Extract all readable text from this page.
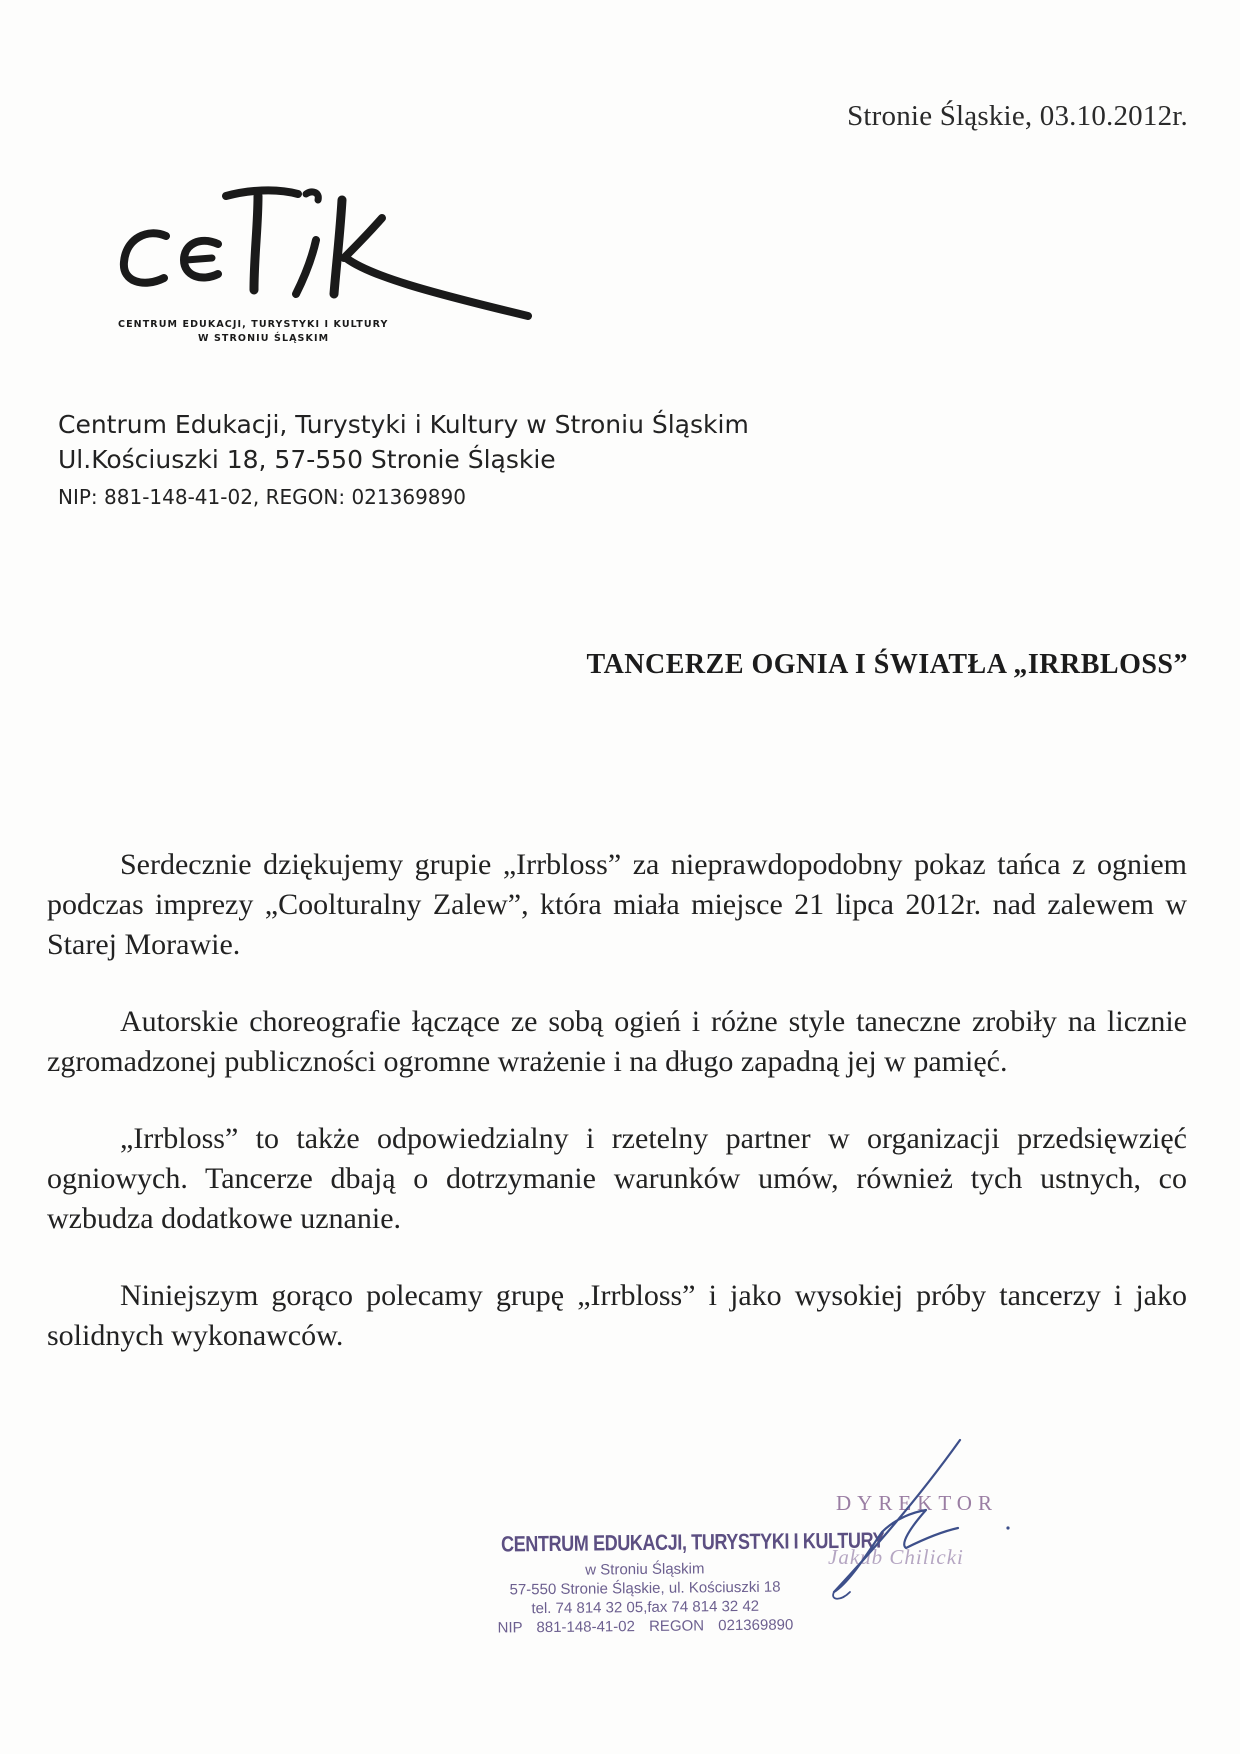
Stronie Śląskie, 03.10.2012r.
CENTRUM EDUKACJI, TURYSTYKI I KULTURY
W STRONIU ŚLĄSKIM
Centrum Edukacji, Turystyki i Kultury w Stroniu Śląskim
Ul.Kościuszki 18, 57-550 Stronie Śląskie
NIP: 881-148-41-02, REGON: 021369890
TANCERZE OGNIA I ŚWIATŁA „IRRBLOSS”

Serdecznie dziękujemy grupie „Irrbloss” za nieprawdopodobny pokaz tańca z ogniem podczas imprezy „Coolturalny Zalew”, która miała miejsce 21 lipca 2012r. nad zalewem w Starej Morawie.

Autorskie choreografie łączące ze sobą ogień i różne style taneczne zrobiły na licznie zgromadzonej publiczności ogromne wrażenie i na długo zapadną jej w pamięć.

„Irrbloss” to także odpowiedzialny i rzetelny partner w organizacji przedsięwzięć ogniowych. Tancerze dbają o dotrzymanie warunków umów, również tych ustnych, co wzbudza dodatkowe uznanie.

Niniejszym gorąco polecamy grupę „Irrbloss” i jako wysokiej próby tancerzy i jako solidnych wykonawców.

CENTRUM EDUKACJI, TURYSTYKI I KULTURY
w Stroniu Śląskim
57-550 Stronie Śląskie, ul. Kościuszki 18
tel. 74 814 32 05,fax 74 814 32 42
NIP 881-148-41-02 REGON 021369890
DYREKTOR
Jakub Chilicki
